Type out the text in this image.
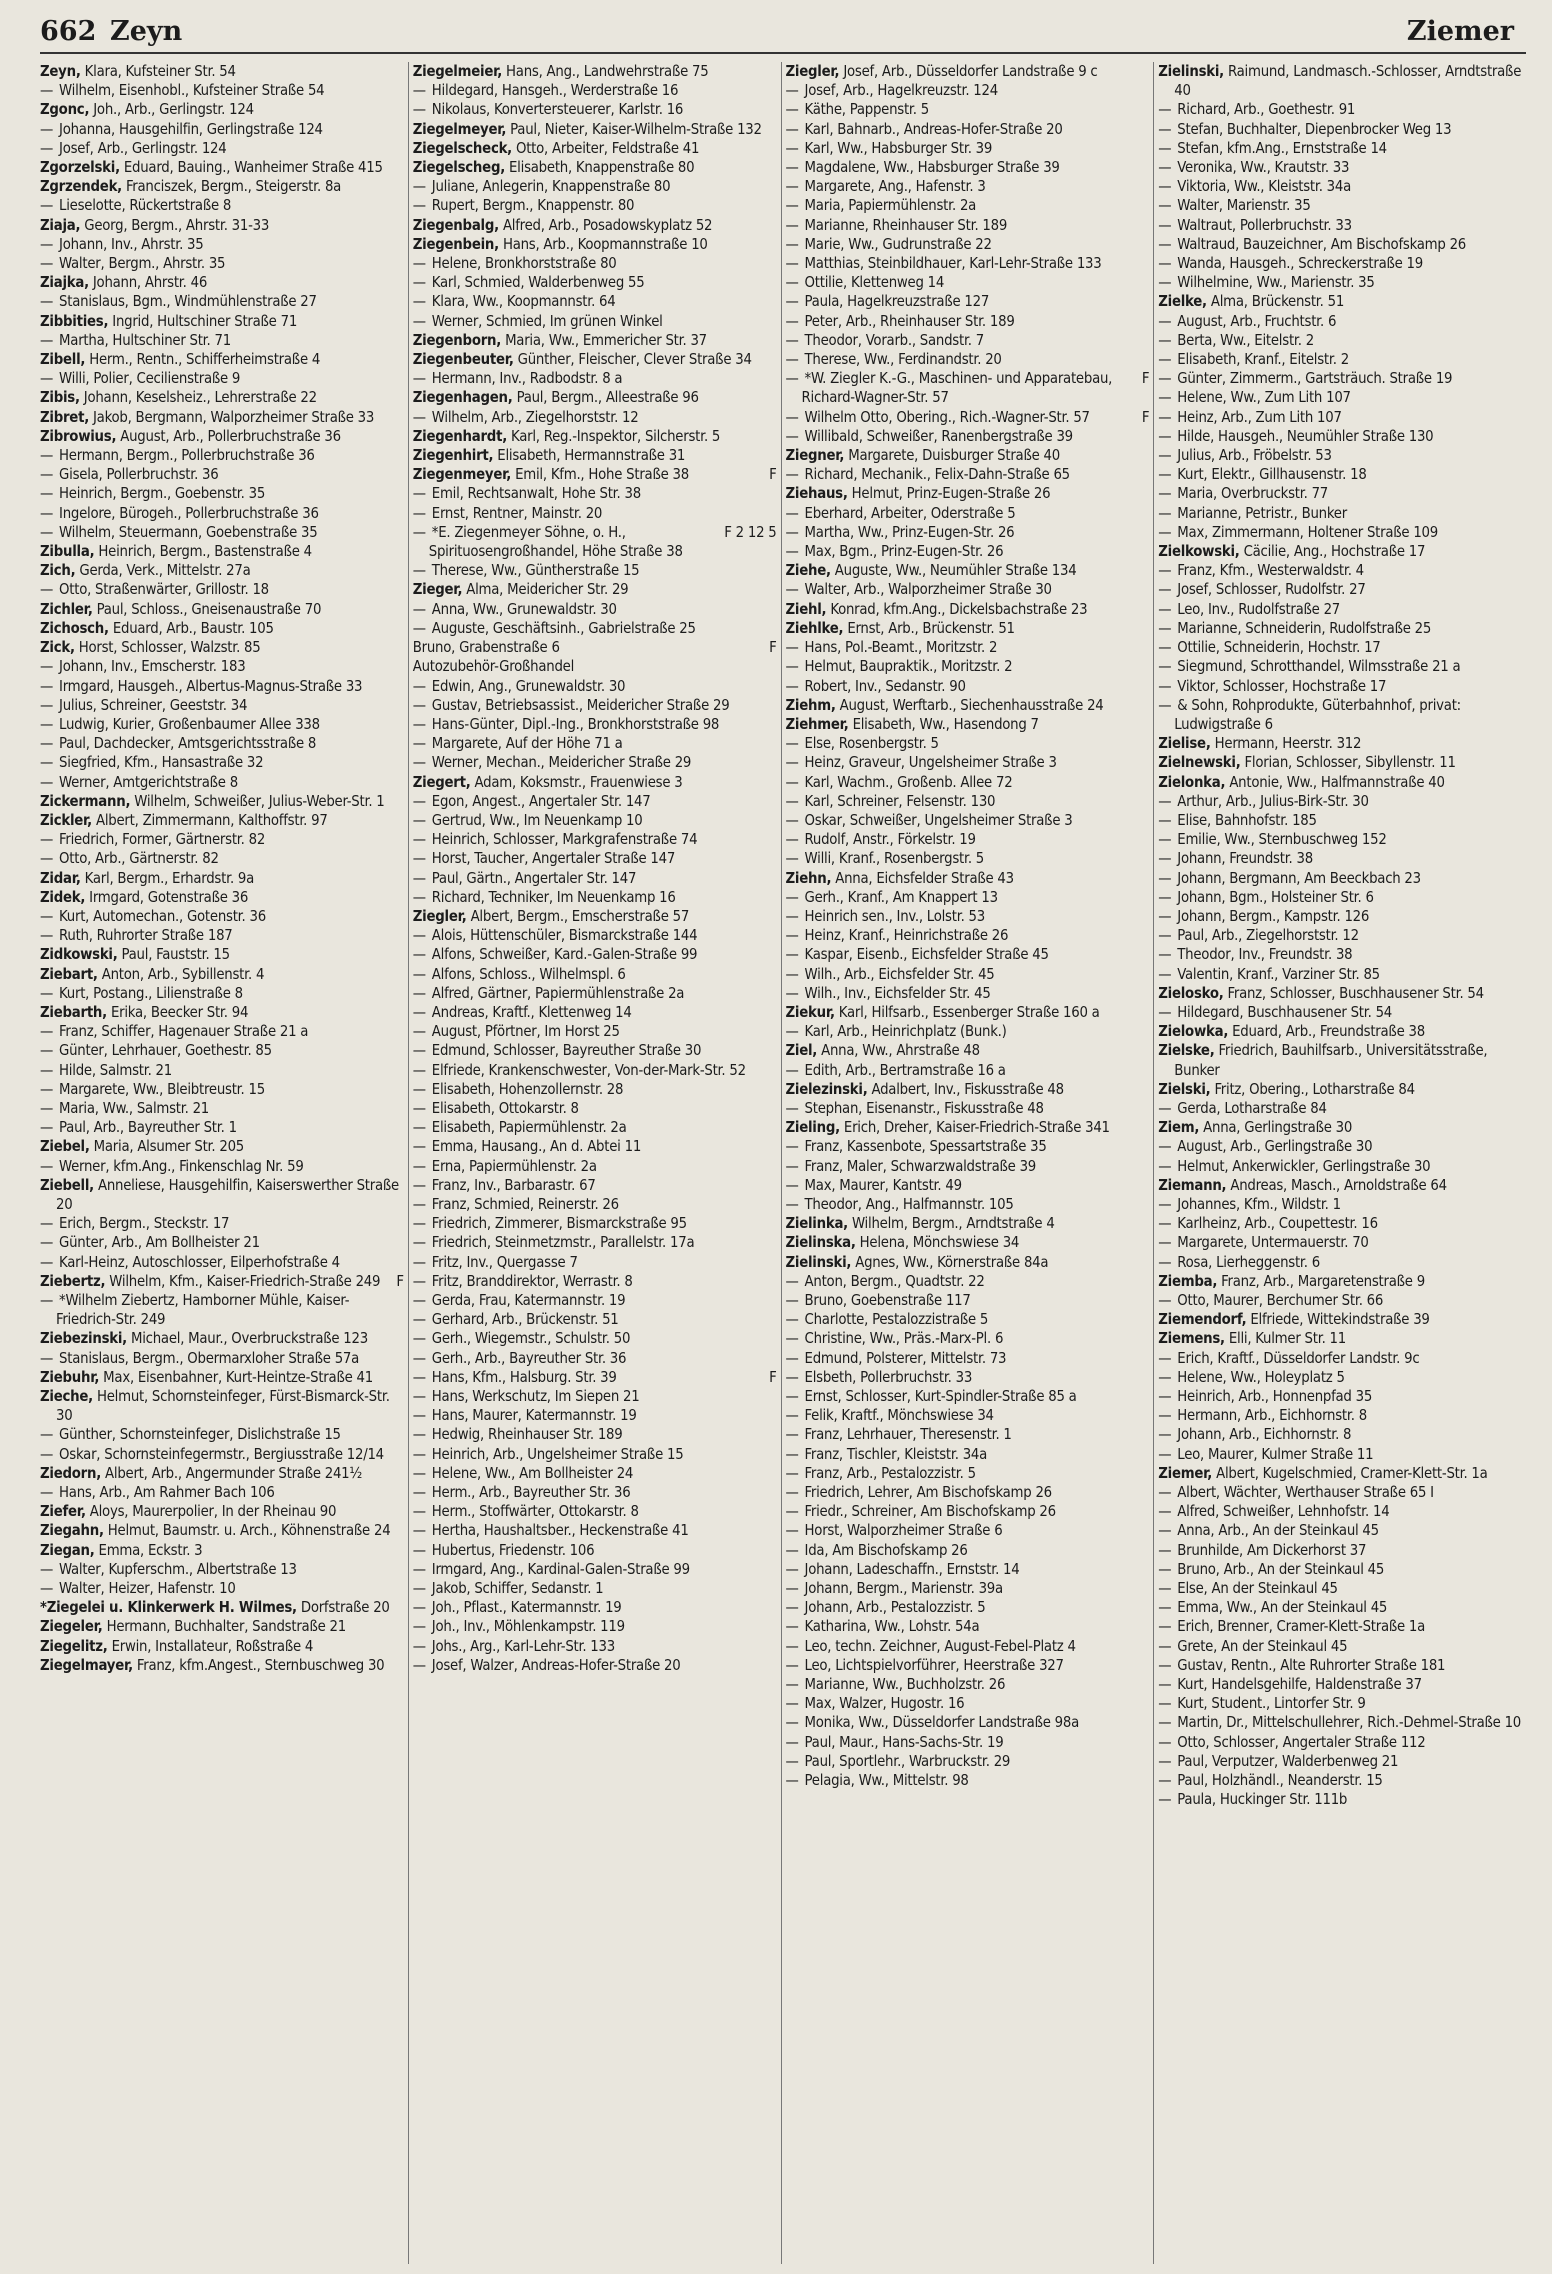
662 Zeyn	Ziemer
Zeyn, Klara, Kufsteiner Str. 54
— Wilhelm, Eisenhobl., Kufsteiner Straße 54
Zgonc, Joh., Arb., Gerlingstr. 124
— Johanna, Hausgehilfin, Gerlingstraße 124
— Josef, Arb., Gerlingstr. 124
Zgorzelski, Eduard, Bauing., Wanheimer Straße 415
Zgrzendek, Franciszek, Bergm., Steigerstr. 8a
— Lieselotte, Rückertstraße 8
Ziaja, Georg, Bergm., Ahrstr. 31-33
— Johann, Inv., Ahrstr. 35
— Walter, Bergm., Ahrstr. 35
Ziajka, Johann, Ahrstr. 46
— Stanislaus, Bgm., Windmühlenstraße 27
Zibbities, Ingrid, Hultschiner Straße 71
— Martha, Hultschiner Str. 71
Zibell, Herm., Rentn., Schifferheimstraße 4
— Willi, Polier, Cecilienstraße 9
Zibis, Johann, Keselsheiz., Lehrerstraße 22
Zibret, Jakob, Bergmann, Walporzheimer Straße 33
Zibrowius, August, Arb., Pollerbruchstraße 36
— Hermann, Bergm., Pollerbruchstraße 36
— Gisela, Pollerbruchstr. 36
— Heinrich, Bergm., Goebenstr. 35
— Ingelore, Bürogeh., Pollerbruchstraße 36
— Wilhelm, Steuermann, Goebenstraße 35
Zibulla, Heinrich, Bergm., Bastenstraße 4
Zich, Gerda, Verk., Mittelstr. 27a
— Otto, Straßenwärter, Grillostr. 18
Zichler, Paul, Schloss., Gneisenaustraße 70
Zichosch, Eduard, Arb., Baustr. 105
Zick, Horst, Schlosser, Walzstr. 85
— Johann, Inv., Emscherstr. 183
— Irmgard, Hausgeh., Albertus-Magnus-Straße 33
— Julius, Schreiner, Geeststr. 34
— Ludwig, Kurier, Großenbaumer Allee 338
— Paul, Dachdecker, Amtsgerichtsstraße 8
— Siegfried, Kfm., Hansastraße 32
— Werner, Amtgerichtstraße 8
Zickermann, Wilhelm, Schweißer, Julius-Weber-Str. 1
Zickler, Albert, Zimmermann, Kalthoffstr. 97
— Friedrich, Former, Gärtnerstr. 82
— Otto, Arb., Gärtnerstr. 82
Zidar, Karl, Bergm., Erhardstr. 9a
Zidek, Irmgard, Gotenstraße 36
— Kurt, Automechan., Gotenstr. 36
— Ruth, Ruhrorter Straße 187
Zidkowski, Paul, Fauststr. 15
Ziebart, Anton, Arb., Sybillenstr. 4
— Kurt, Postang., Lilienstraße 8
Ziebarth, Erika, Beecker Str. 94
— Franz, Schiffer, Hagenauer Straße 21 a
— Günter, Lehrhauer, Goethestr. 85
— Hilde, Salmstr. 21
— Margarete, Ww., Bleibtreustr. 15
— Maria, Ww., Salmstr. 21
— Paul, Arb., Bayreuther Str. 1
Ziebel, Maria, Alsumer Str. 205
— Werner, kfm.Ang., Finkenschlag Nr. 59
Ziebell, Anneliese, Hausgehilfin, Kaiserswerther Straße 20
— Erich, Bergm., Steckstr. 17
— Günter, Arb., Am Bollheister 21
— Karl-Heinz, Autoschlosser, Eilperhofstraße 4
F
Ziebertz, Wilhelm, Kfm., Kaiser-Friedrich-Straße 249
— *Wilhelm Ziebertz, Hamborner Mühle, Kaiser-Friedrich-Str. 249
Ziebezinski, Michael, Maur., Overbruckstraße 123
— Stanislaus, Bergm., Obermarxloher Straße 57a
Ziebuhr, Max, Eisenbahner, Kurt-Heintze-Straße 41
Zieche, Helmut, Schornsteinfeger, Fürst-Bismarck-Str. 30
— Günther, Schornsteinfeger, Dislichstraße 15
— Oskar, Schornsteinfegermstr., Bergiusstraße 12/14
Ziedorn, Albert, Arb., Angermunder Straße 241½
— Hans, Arb., Am Rahmer Bach 106
Ziefer, Aloys, Maurerpolier, In der Rheinau 90
Ziegahn, Helmut, Baumstr. u. Arch., Köhnenstraße 24
Ziegan, Emma, Eckstr. 3
— Walter, Kupferschm., Albertstraße 13
— Walter, Heizer, Hafenstr. 10
*Ziegelei u. Klinkerwerk H. Wilmes, Dorfstraße 20
Ziegeler, Hermann, Buchhalter, Sandstraße 21
Ziegelitz, Erwin, Installateur, Roßstraße 4
Ziegelmayer, Franz, kfm.Angest., Sternbuschweg 30
Ziegelmeier, Hans, Ang., Landwehrstraße 75
— Hildegard, Hansgeh., Werderstraße 16
— Nikolaus, Konvertersteuerer, Karlstr. 16
Ziegelmeyer, Paul, Nieter, Kaiser-Wilhelm-Straße 132
Ziegelscheck, Otto, Arbeiter, Feldstraße 41
Ziegelscheg, Elisabeth, Knappenstraße 80
— Juliane, Anlegerin, Knappenstraße 80
— Rupert, Bergm., Knappenstr. 80
Ziegenbalg, Alfred, Arb., Posadowskyplatz 52
Ziegenbein, Hans, Arb., Koopmannstraße 10
— Helene, Bronkhorststraße 80
— Karl, Schmied, Walderbenweg 55
— Klara, Ww., Koopmannstr. 64
— Werner, Schmied, Im grünen Winkel
Ziegenborn, Maria, Ww., Emmericher Str. 37
Ziegenbeuter, Günther, Fleischer, Clever Straße 34
— Hermann, Inv., Radbodstr. 8 a
Ziegenhagen, Paul, Bergm., Alleestraße 96
— Wilhelm, Arb., Ziegelhorststr. 12
Ziegenhardt, Karl, Reg.-Inspektor, Silcherstr. 5
Ziegenhirt, Elisabeth, Hermannstraße 31
F
Ziegenmeyer, Emil, Kfm., Hohe Straße 38
— Emil, Rechtsanwalt, Hohe Str. 38
— Ernst, Rentner, Mainstr. 20
F 2 12 5
— *E. Ziegenmeyer Söhne, o. H., Spirituosengroßhandel, Höhe Straße 38
— Therese, Ww., Güntherstraße 15
Zieger, Alma, Meidericher Str. 29
— Anna, Ww., Grunewaldstr. 30
— Auguste, Geschäftsinh., Gabrielstraße 25
F
Bruno, Grabenstraße 6
Autozubehör-Großhandel
— Edwin, Ang., Grunewaldstr. 30
— Gustav, Betriebsassist., Meidericher Straße 29
— Hans-Günter, Dipl.-Ing., Bronkhorststraße 98
— Margarete, Auf der Höhe 71 a
— Werner, Mechan., Meidericher Straße 29
Ziegert, Adam, Koksmstr., Frauenwiese 3
— Egon, Angest., Angertaler Str. 147
— Gertrud, Ww., Im Neuenkamp 10
— Heinrich, Schlosser, Markgrafenstraße 74
— Horst, Taucher, Angertaler Straße 147
— Paul, Gärtn., Angertaler Str. 147
— Richard, Techniker, Im Neuenkamp 16
Ziegler, Albert, Bergm., Emscherstraße 57
— Alois, Hüttenschüler, Bismarckstraße 144
— Alfons, Schweißer, Kard.-Galen-Straße 99
— Alfons, Schloss., Wilhelmspl. 6
— Alfred, Gärtner, Papiermühlenstraße 2a
— Andreas, Kraftf., Klettenweg 14
— August, Pförtner, Im Horst 25
— Edmund, Schlosser, Bayreuther Straße 30
— Elfriede, Krankenschwester, Von-der-Mark-Str. 52
— Elisabeth, Hohenzollernstr. 28
— Elisabeth, Ottokarstr. 8
— Elisabeth, Papiermühlenstr. 2a
— Emma, Hausang., An d. Abtei 11
— Erna, Papiermühlenstr. 2a
— Franz, Inv., Barbarastr. 67
— Franz, Schmied, Reinerstr. 26
— Friedrich, Zimmerer, Bismarckstraße 95
— Friedrich, Steinmetzmstr., Parallelstr. 17a
— Fritz, Inv., Quergasse 7
— Fritz, Branddirektor, Werrastr. 8
— Gerda, Frau, Katermannstr. 19
— Gerhard, Arb., Brückenstr. 51
— Gerh., Wiegemstr., Schulstr. 50
— Gerh., Arb., Bayreuther Str. 36
F
— Hans, Kfm., Halsburg. Str. 39
— Hans, Werkschutz, Im Siepen 21
— Hans, Maurer, Katermannstr. 19
— Hedwig, Rheinhauser Str. 189
— Heinrich, Arb., Ungelsheimer Straße 15
— Helene, Ww., Am Bollheister 24
— Herm., Arb., Bayreuther Str. 36
— Herm., Stoffwärter, Ottokarstr. 8
— Hertha, Haushaltsber., Heckenstraße 41
— Hubertus, Friedenstr. 106
— Irmgard, Ang., Kardinal-Galen-Straße 99
— Jakob, Schiffer, Sedanstr. 1
— Joh., Pflast., Katermannstr. 19
— Joh., Inv., Möhlenkampstr. 119
— Johs., Arg., Karl-Lehr-Str. 133
— Josef, Walzer, Andreas-Hofer-Straße 20
Ziegler, Josef, Arb., Düsseldorfer Landstraße 9 c
— Josef, Arb., Hagelkreuzstr. 124
— Käthe, Pappenstr. 5
— Karl, Bahnarb., Andreas-Hofer-Straße 20
— Karl, Ww., Habsburger Str. 39
— Magdalene, Ww., Habsburger Straße 39
— Margarete, Ang., Hafenstr. 3
— Maria, Papiermühlenstr. 2a
— Marianne, Rheinhauser Str. 189
— Marie, Ww., Gudrunstraße 22
— Matthias, Steinbildhauer, Karl-Lehr-Straße 133
— Ottilie, Klettenweg 14
— Paula, Hagelkreuzstraße 127
— Peter, Arb., Rheinhauser Str. 189
— Theodor, Vorarb., Sandstr. 7
— Therese, Ww., Ferdinandstr. 20
F
— *W. Ziegler K.-G., Maschinen- und Apparatebau, Richard-Wagner-Str. 57
F
— Wilhelm Otto, Obering., Rich.-Wagner-Str. 57
— Willibald, Schweißer, Ranenbergstraße 39
Ziegner, Margarete, Duisburger Straße 40
— Richard, Mechanik., Felix-Dahn-Straße 65
Ziehaus, Helmut, Prinz-Eugen-Straße 26
— Eberhard, Arbeiter, Oderstraße 5
— Martha, Ww., Prinz-Eugen-Str. 26
— Max, Bgm., Prinz-Eugen-Str. 26
Ziehe, Auguste, Ww., Neumühler Straße 134
— Walter, Arb., Walporzheimer Straße 30
Ziehl, Konrad, kfm.Ang., Dickelsbachstraße 23
Ziehlke, Ernst, Arb., Brückenstr. 51
— Hans, Pol.-Beamt., Moritzstr. 2
— Helmut, Baupraktik., Moritzstr. 2
— Robert, Inv., Sedanstr. 90
Ziehm, August, Werftarb., Siechenhausstraße 24
Ziehmer, Elisabeth, Ww., Hasendong 7
— Else, Rosenbergstr. 5
— Heinz, Graveur, Ungelsheimer Straße 3
— Karl, Wachm., Großenb. Allee 72
— Karl, Schreiner, Felsenstr. 130
— Oskar, Schweißer, Ungelsheimer Straße 3
— Rudolf, Anstr., Förkelstr. 19
— Willi, Kranf., Rosenbergstr. 5
Ziehn, Anna, Eichsfelder Straße 43
— Gerh., Kranf., Am Knappert 13
— Heinrich sen., Inv., Lolstr. 53
— Heinz, Kranf., Heinrichstraße 26
— Kaspar, Eisenb., Eichsfelder Straße 45
— Wilh., Arb., Eichsfelder Str. 45
— Wilh., Inv., Eichsfelder Str. 45
Ziekur, Karl, Hilfsarb., Essenberger Straße 160 a
— Karl, Arb., Heinrichplatz (Bunk.)
Ziel, Anna, Ww., Ahrstraße 48
— Edith, Arb., Bertramstraße 16 a
Zielezinski, Adalbert, Inv., Fiskusstraße 48
— Stephan, Eisenanstr., Fiskusstraße 48
Zieling, Erich, Dreher, Kaiser-Friedrich-Straße 341
— Franz, Kassenbote, Spessartstraße 35
— Franz, Maler, Schwarzwaldstraße 39
— Max, Maurer, Kantstr. 49
— Theodor, Ang., Halfmannstr. 105
Zielinka, Wilhelm, Bergm., Arndtstraße 4
Zielinska, Helena, Mönchswiese 34
Zielinski, Agnes, Ww., Körnerstraße 84a
— Anton, Bergm., Quadtstr. 22
— Bruno, Goebenstraße 117
— Charlotte, Pestalozzistraße 5
— Christine, Ww., Präs.-Marx-Pl. 6
— Edmund, Polsterer, Mittelstr. 73
— Elsbeth, Pollerbruchstr. 33
— Ernst, Schlosser, Kurt-Spindler-Straße 85 a
— Felik, Kraftf., Mönchswiese 34
— Franz, Lehrhauer, Theresenstr. 1
— Franz, Tischler, Kleiststr. 34a
— Franz, Arb., Pestalozzistr. 5
— Friedrich, Lehrer, Am Bischofskamp 26
— Friedr., Schreiner, Am Bischofskamp 26
— Horst, Walporzheimer Straße 6
— Ida, Am Bischofskamp 26
— Johann, Ladeschaffn., Ernststr. 14
— Johann, Bergm., Marienstr. 39a
— Johann, Arb., Pestalozzistr. 5
— Katharina, Ww., Lohstr. 54a
— Leo, techn. Zeichner, August-Febel-Platz 4
— Leo, Lichtspielvorführer, Heerstraße 327
— Marianne, Ww., Buchholzstr. 26
— Max, Walzer, Hugostr. 16
— Monika, Ww., Düsseldorfer Landstraße 98a
— Paul, Maur., Hans-Sachs-Str. 19
— Paul, Sportlehr., Warbruckstr. 29
— Pelagia, Ww., Mittelstr. 98
Zielinski, Raimund, Landmasch.-Schlosser, Arndtstraße 40
— Richard, Arb., Goethestr. 91
— Stefan, Buchhalter, Diepenbrocker Weg 13
— Stefan, kfm.Ang., Ernststraße 14
— Veronika, Ww., Krautstr. 33
— Viktoria, Ww., Kleiststr. 34a
— Walter, Marienstr. 35
— Waltraut, Pollerbruchstr. 33
— Waltraud, Bauzeichner, Am Bischofskamp 26
— Wanda, Hausgeh., Schreckerstraße 19
— Wilhelmine, Ww., Marienstr. 35
Zielke, Alma, Brückenstr. 51
— August, Arb., Fruchtstr. 6
— Berta, Ww., Eitelstr. 2
— Elisabeth, Kranf., Eitelstr. 2
— Günter, Zimmerm., Gartsträuch. Straße 19
— Helene, Ww., Zum Lith 107
— Heinz, Arb., Zum Lith 107
— Hilde, Hausgeh., Neumühler Straße 130
— Julius, Arb., Fröbelstr. 53
— Kurt, Elektr., Gillhausenstr. 18
— Maria, Overbruckstr. 77
— Marianne, Petristr., Bunker
— Max, Zimmermann, Holtener Straße 109
Zielkowski, Cäcilie, Ang., Hochstraße 17
— Franz, Kfm., Westerwaldstr. 4
— Josef, Schlosser, Rudolfstr. 27
— Leo, Inv., Rudolfstraße 27
— Marianne, Schneiderin, Rudolfstraße 25
— Ottilie, Schneiderin, Hochstr. 17
— Siegmund, Schrotthandel, Wilmsstraße 21 a
— Viktor, Schlosser, Hochstraße 17
— & Sohn, Rohprodukte, Güterbahnhof, privat: Ludwigstraße 6
Zielise, Hermann, Heerstr. 312
Zielnewski, Florian, Schlosser, Sibyllenstr. 11
Zielonka, Antonie, Ww., Halfmannstraße 40
— Arthur, Arb., Julius-Birk-Str. 30
— Elise, Bahnhofstr. 185
— Emilie, Ww., Sternbuschweg 152
— Johann, Freundstr. 38
— Johann, Bergmann, Am Beeckbach 23
— Johann, Bgm., Holsteiner Str. 6
— Johann, Bergm., Kampstr. 126
— Paul, Arb., Ziegelhorststr. 12
— Theodor, Inv., Freundstr. 38
— Valentin, Kranf., Varziner Str. 85
Zielosko, Franz, Schlosser, Buschhausener Str. 54
— Hildegard, Buschhausener Str. 54
Zielowka, Eduard, Arb., Freundstraße 38
Zielske, Friedrich, Bauhilfsarb., Universitätsstraße, Bunker
Zielski, Fritz, Obering., Lotharstraße 84
— Gerda, Lotharstraße 84
Ziem, Anna, Gerlingstraße 30
— August, Arb., Gerlingstraße 30
— Helmut, Ankerwickler, Gerlingstraße 30
Ziemann, Andreas, Masch., Arnoldstraße 64
— Johannes, Kfm., Wildstr. 1
— Karlheinz, Arb., Coupettestr. 16
— Margarete, Untermauerstr. 70
— Rosa, Lierheggenstr. 6
Ziemba, Franz, Arb., Margaretenstraße 9
— Otto, Maurer, Berchumer Str. 66
Ziemendorf, Elfriede, Wittekindstraße 39
Ziemens, Elli, Kulmer Str. 11
— Erich, Kraftf., Düsseldorfer Landstr. 9c
— Helene, Ww., Holeyplatz 5
— Heinrich, Arb., Honnenpfad 35
— Hermann, Arb., Eichhornstr. 8
— Johann, Arb., Eichhornstr. 8
— Leo, Maurer, Kulmer Straße 11
Ziemer, Albert, Kugelschmied, Cramer-Klett-Str. 1a
— Albert, Wächter, Werthauser Straße 65 I
— Alfred, Schweißer, Lehnhofstr. 14
— Anna, Arb., An der Steinkaul 45
— Brunhilde, Am Dickerhorst 37
— Bruno, Arb., An der Steinkaul 45
— Else, An der Steinkaul 45
— Emma, Ww., An der Steinkaul 45
— Erich, Brenner, Cramer-Klett-Straße 1a
— Grete, An der Steinkaul 45
— Gustav, Rentn., Alte Ruhrorter Straße 181
— Kurt, Handelsgehilfe, Haldenstraße 37
— Kurt, Student., Lintorfer Str. 9
— Martin, Dr., Mittelschullehrer, Rich.-Dehmel-Straße 10
— Otto, Schlosser, Angertaler Straße 112
— Paul, Verputzer, Walderbenweg 21
— Paul, Holzhändl., Neanderstr. 15
— Paula, Huckinger Str. 111b
